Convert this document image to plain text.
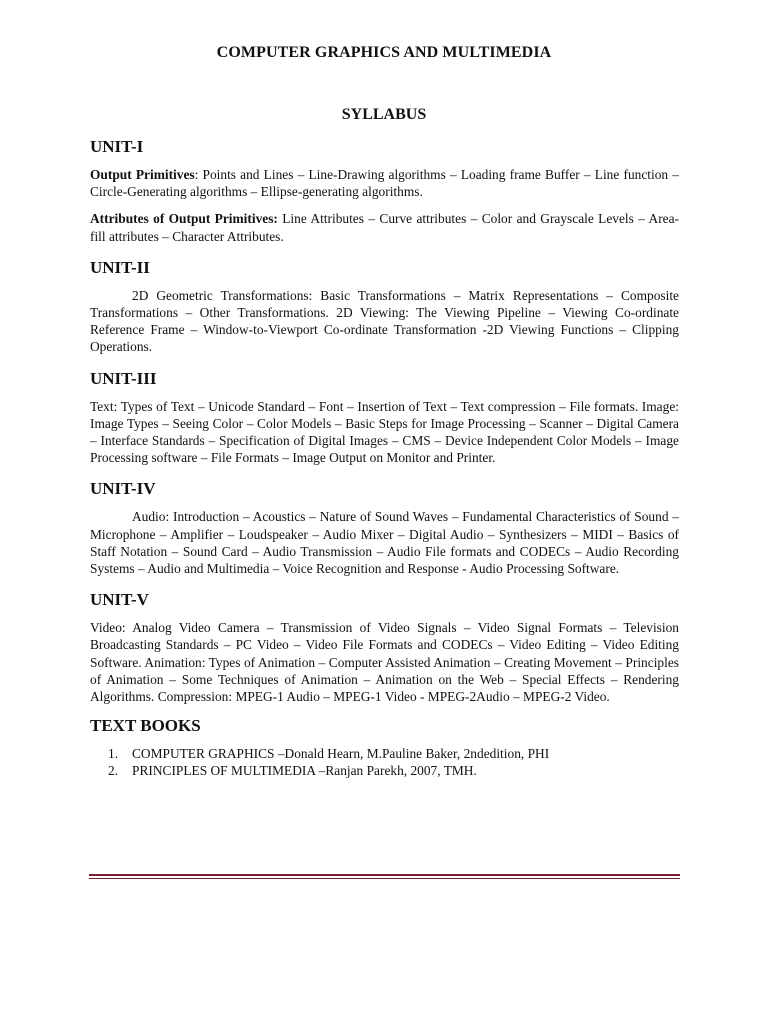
COMPUTER GRAPHICS AND MULTIMEDIA
SYLLABUS
UNIT-I

Output Primitives: Points and Lines – Line-Drawing algorithms – Loading frame Buffer – Line function – Circle-Generating algorithms – Ellipse-generating algorithms.

Attributes of Output Primitives: Line Attributes – Curve attributes – Color and Grayscale Levels – Area-fill attributes – Character Attributes.

UNIT-II

2D Geometric Transformations: Basic Transformations – Matrix Representations – Composite Transformations – Other Transformations. 2D Viewing: The Viewing Pipeline – Viewing Co-ordinate Reference Frame – Window-to-Viewport Co-ordinate Transformation -2D Viewing Functions – Clipping Operations.

UNIT-III

Text: Types of Text – Unicode Standard – Font – Insertion of Text – Text compression – File formats. Image: Image Types – Seeing Color – Color Models – Basic Steps for Image Processing – Scanner – Digital Camera – Interface Standards – Specification of Digital Images – CMS – Device Independent Color Models – Image Processing software – File Formats – Image Output on Monitor and Printer.

UNIT-IV

Audio: Introduction – Acoustics – Nature of Sound Waves – Fundamental Characteristics of Sound – Microphone – Amplifier – Loudspeaker – Audio Mixer – Digital Audio – Synthesizers – MIDI – Basics of Staff Notation – Sound Card – Audio Transmission – Audio File formats and CODECs – Audio Recording Systems – Audio and Multimedia – Voice Recognition and Response - Audio Processing Software.

UNIT-V

Video: Analog Video Camera – Transmission of Video Signals – Video Signal Formats – Television Broadcasting Standards – PC Video – Video File Formats and CODECs – Video Editing – Video Editing Software. Animation: Types of Animation – Computer Assisted Animation – Creating Movement – Principles of Animation – Some Techniques of Animation – Animation on the Web – Special Effects – Rendering Algorithms. Compression: MPEG-1 Audio – MPEG-1 Video - MPEG-2Audio – MPEG-2 Video.

TEXT BOOKS
1.	COMPUTER GRAPHICS –Donald Hearn, M.Pauline Baker, 2ndedition, PHI
2.	PRINCIPLES OF MULTIMEDIA –Ranjan Parekh, 2007, TMH.
